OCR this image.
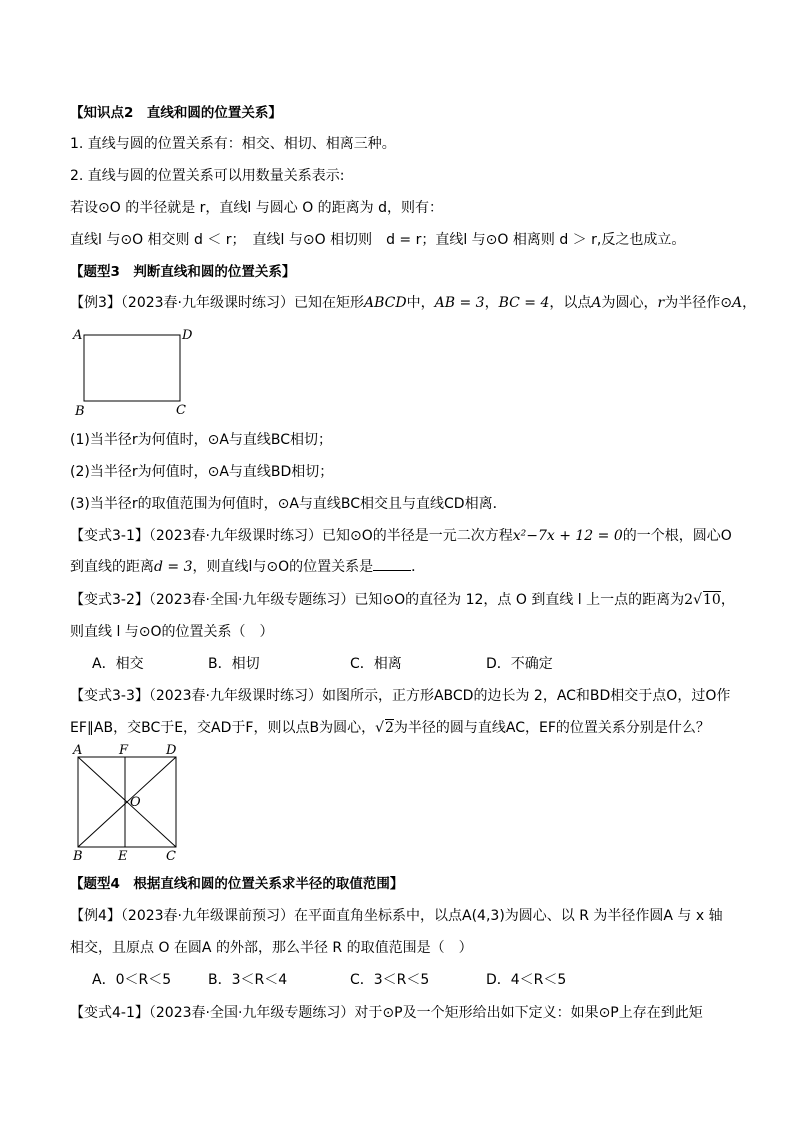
【知识点2　直线和圆的位置关系】
1. 直线与圆的位置关系有：相交、相切、相离三种。
2. 直线与圆的位置关系可以用数量关系表示:
若设⊙O 的半径就是 r，直线l 与圆心 O 的距离为 d，则有：
直线l 与⊙O 相交则 d ＜ r；　直线l 与⊙O 相切则　d = r；直线l 与⊙O 相离则 d ＞ r,反之也成立。
【题型3　判断直线和圆的位置关系】
【例3】（2023春·九年级课时练习）已知在矩形ABCD中，AB = 3，BC = 4，以点A为圆心，r为半径作⊙A，
A	D
B	C
(1)当半径r为何值时，⊙A与直线BC相切；
(2)当半径r为何值时，⊙A与直线BD相切；
(3)当半径r的取值范围为何值时，⊙A与直线BC相交且与直线CD相离．
【变式3-1】（2023春·九年级课时练习）已知⊙O的半径是一元二次方程x²−7x + 12 = 0的一个根，圆心O
到直线的距离d = 3，则直线l与⊙O的位置关系是	．
【变式3-2】（2023春·全国·九年级专题练习）已知⊙O的直径为 12，点 O 到直线 l 上一点的距离为2√10，
则直线 l 与⊙O的位置关系（　）
A．相交	B．相切	C．相离	D．不确定
【变式3-3】（2023春·九年级课时练习）如图所示，正方形ABCD的边长为 2，AC和BD相交于点O，过O作
EF∥AB，交BC于E，交AD于F，则以点B为圆心，√2为半径的圆与直线AC，EF的位置关系分别是什么？
A	F	D
O
B	E	C
【题型4　根据直线和圆的位置关系求半径的取值范围】
【例4】（2023春·九年级课前预习）在平面直角坐标系中，以点A(4,3)为圆心、以 R 为半径作圆A 与 x 轴
相交，且原点 O 在圆A 的外部，那么半径 R 的取值范围是（　）
A．0＜R＜5	B．3＜R＜4	C．3＜R＜5	D．4＜R＜5
【变式4-1】（2023春·全国·九年级专题练习）对于⊙P及一个矩形给出如下定义：如果⊙P上存在到此矩
